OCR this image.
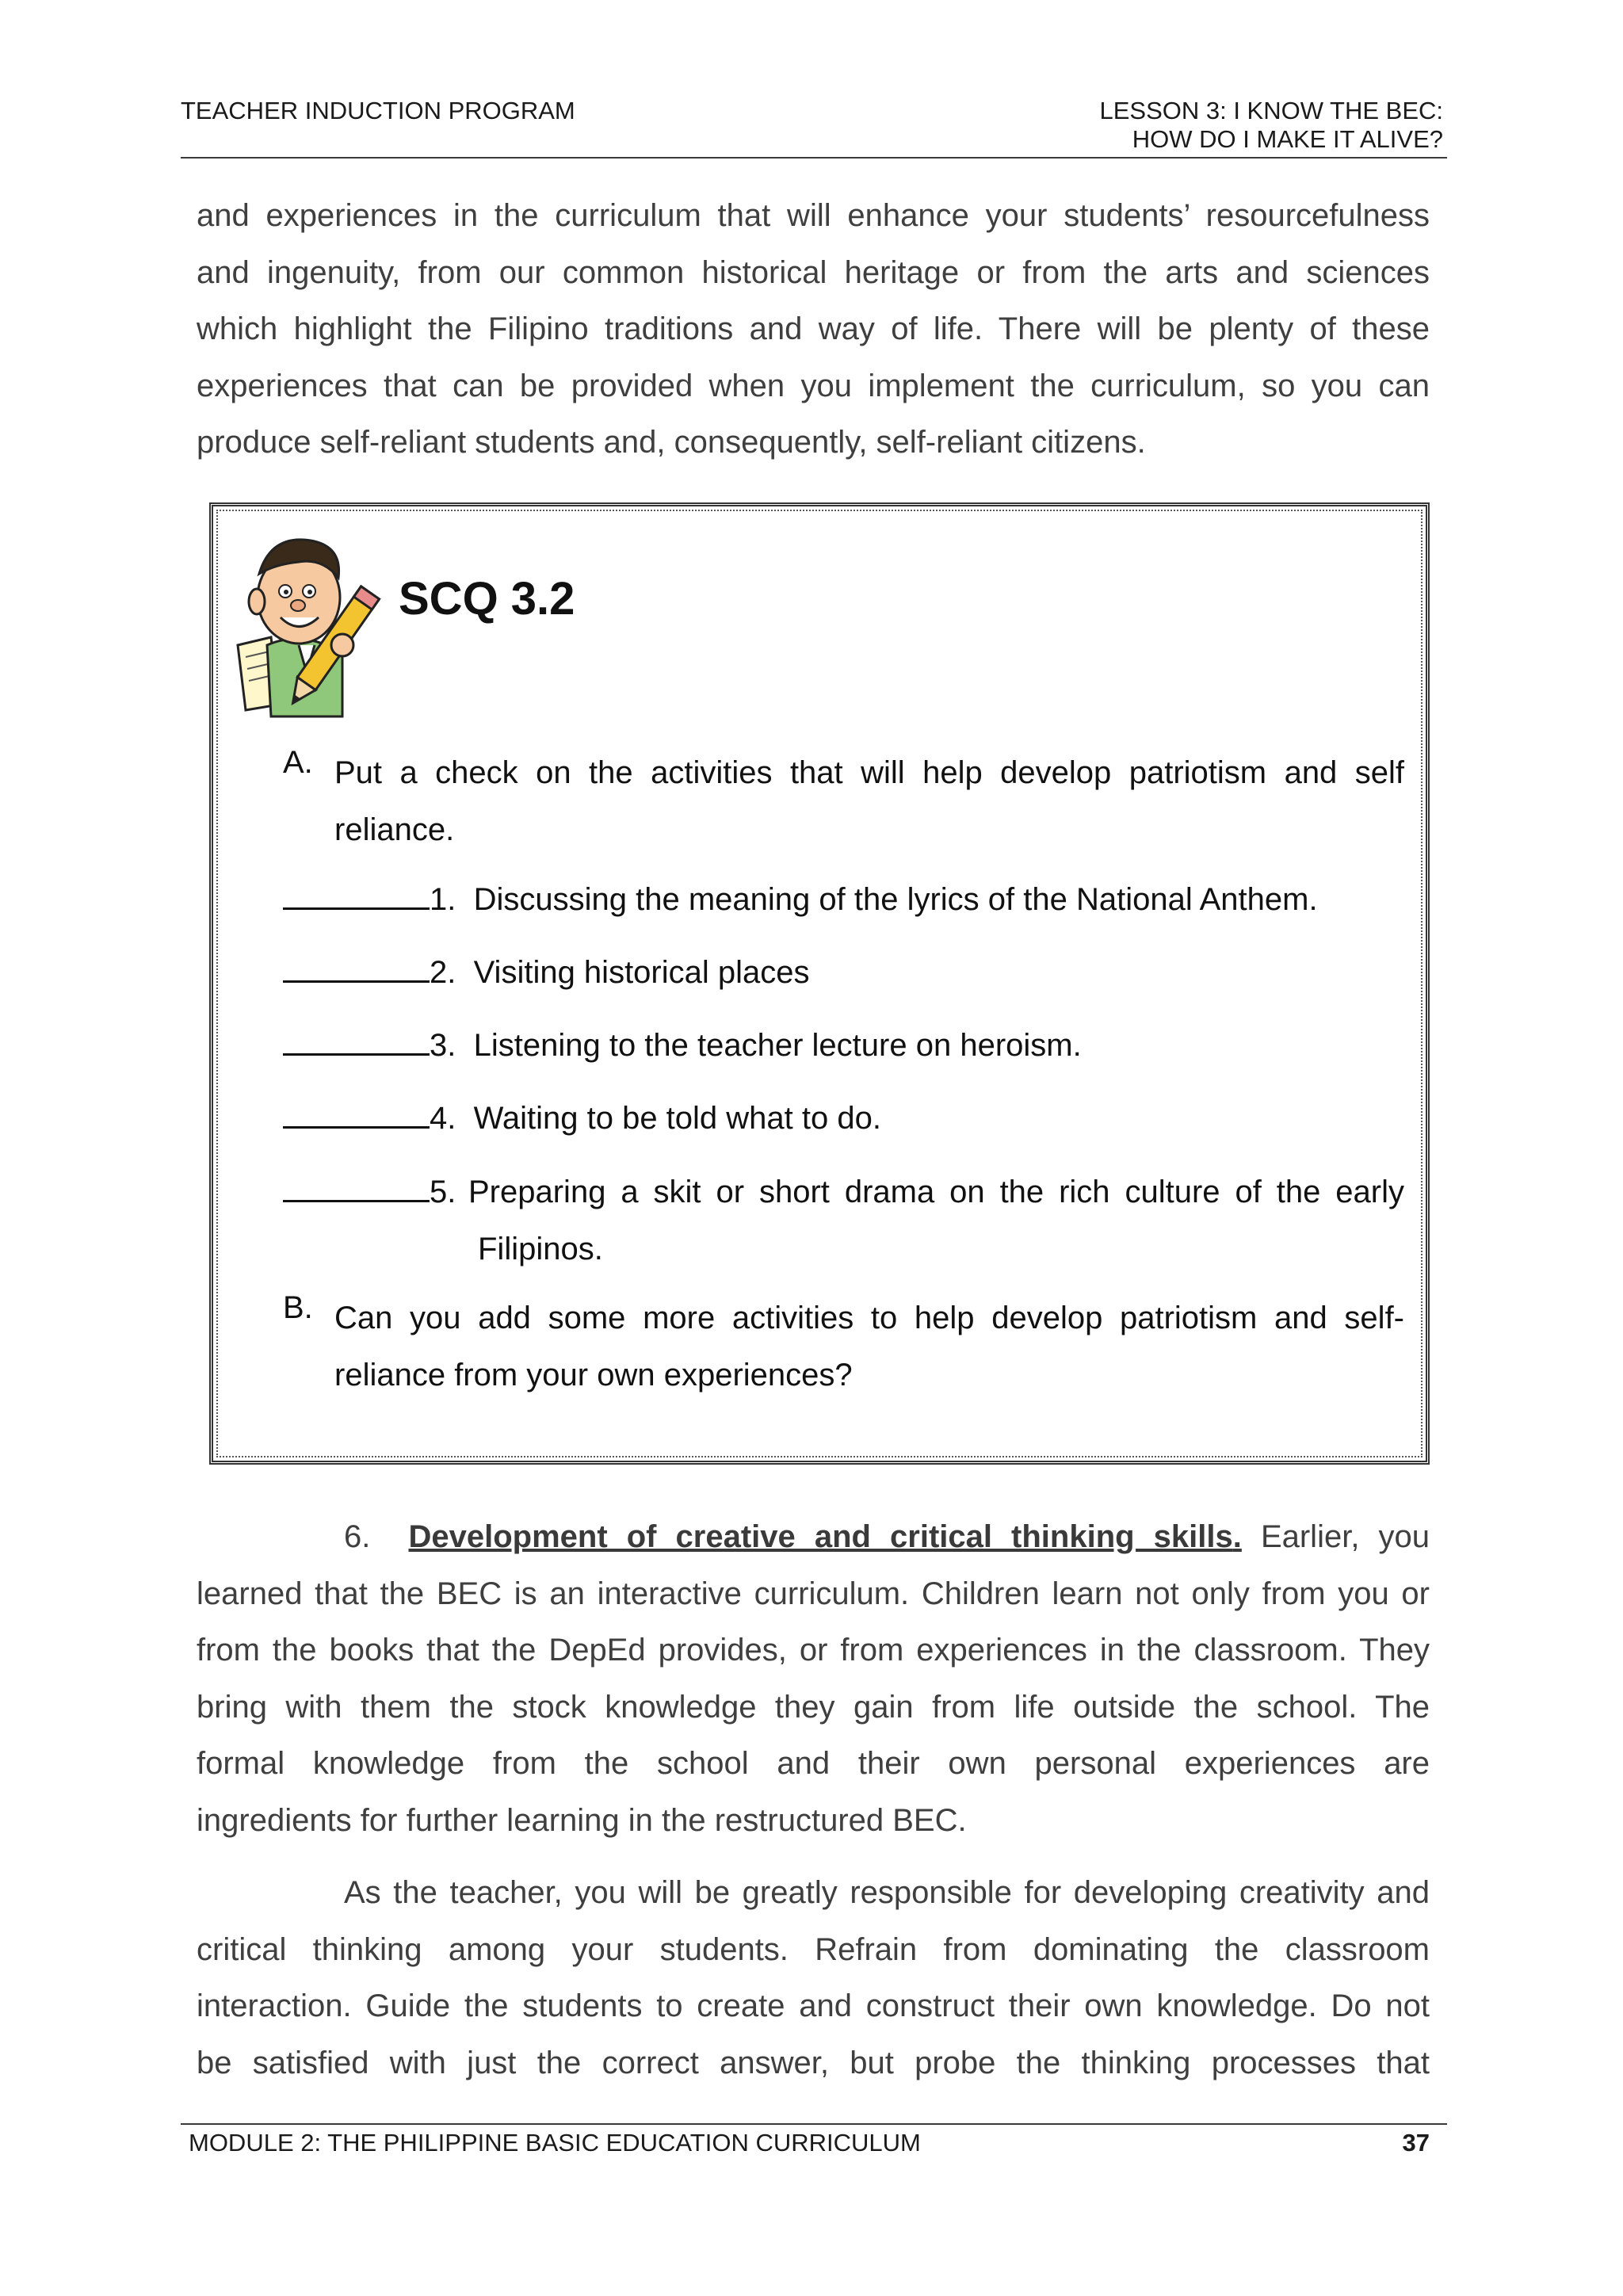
TEACHER INDUCTION PROGRAM	LESSON 3: I KNOW THE BEC:
HOW DO I MAKE IT ALIVE?
and experiences in the curriculum that will enhance your students’ resourcefulness
and ingenuity, from our common historical heritage or from the arts and sciences
which highlight the Filipino traditions and way of life. There will be plenty of these
experiences that can be provided when you implement the curriculum, so you can
produce self-reliant students and, consequently, self-reliant citizens.
SCQ 3.2
A. Put a check on the activities that will help develop patriotism and self
reliance.
1. Discussing the meaning of the lyrics of the National Anthem.
2. Visiting historical places
3. Listening to the teacher lecture on heroism.
4. Waiting to be told what to do.
5. Preparing a skit or short drama on the rich culture of the early
Filipinos.
B. Can you add some more activities to help develop patriotism and self-
reliance from your own experiences?
6. Development of creative and critical thinking skills. Earlier, you
learned that the BEC is an interactive curriculum. Children learn not only from you or
from the books that the DepEd provides, or from experiences in the classroom. They
bring with them the stock knowledge they gain from life outside the school. The
formal knowledge from the school and their own personal experiences are
ingredients for further learning in the restructured BEC.
As the teacher, you will be greatly responsible for developing creativity and
critical thinking among your students. Refrain from dominating the classroom
interaction. Guide the students to create and construct their own knowledge. Do not
be satisfied with just the correct answer, but probe the thinking processes that
MODULE 2: THE PHILIPPINE BASIC EDUCATION CURRICULUM	37
